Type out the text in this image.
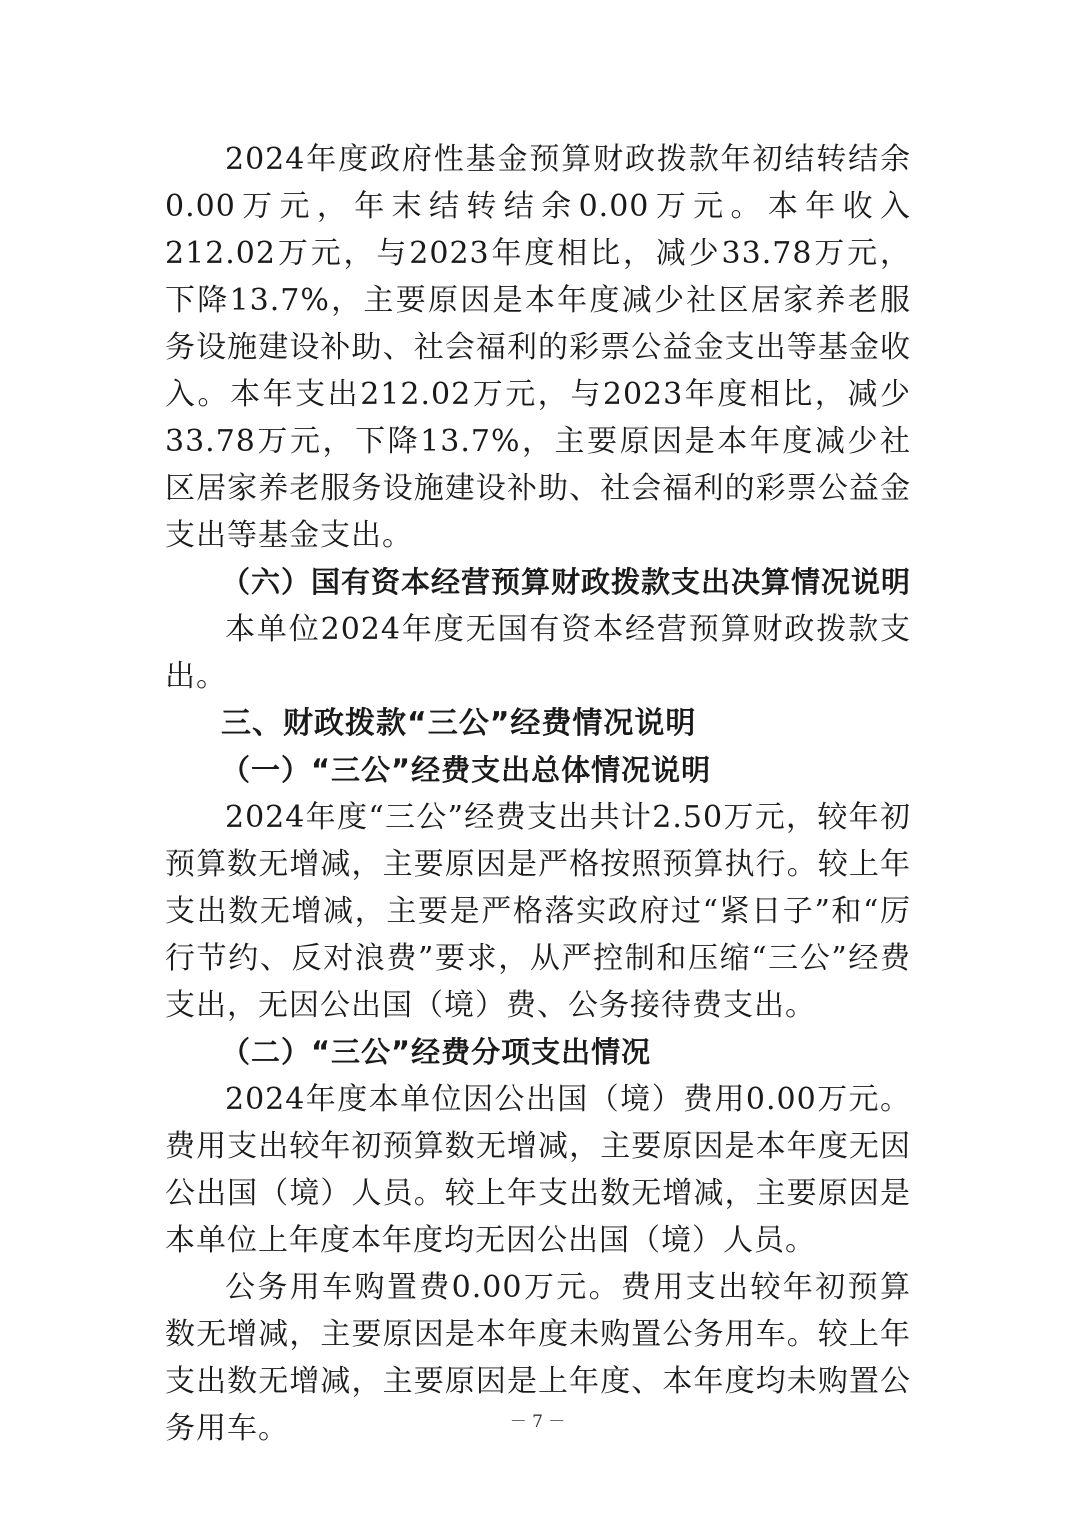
2024年度政府性基金预算财政拨款年初结转结余0.00万元，年末结转结余0.00万元。本年收入212.02万元，与2023年度相比，减少33.78万元，下降13.7%，主要原因是本年度减少社区居家养老服务设施建设补助、社会福利的彩票公益金支出等基金收入。本年支出212.02万元，与2023年度相比，减少33.78万元，下降13.7%，主要原因是本年度减少社区居家养老服务设施建设补助、社会福利的彩票公益金支出等基金支出。

（六）国有资本经营预算财政拨款支出决算情况说明

本单位2024年度无国有资本经营预算财政拨款支出。

三、财政拨款“三公”经费情况说明

（一）“三公”经费支出总体情况说明

2024年度“三公”经费支出共计2.50万元，较年初预算数无增减，主要原因是严格按照预算执行。较上年支出数无增减，主要是严格落实政府过“紧日子”和“厉行节约、反对浪费”要求，从严控制和压缩“三公”经费支出，无因公出国（境）费、公务接待费支出。

（二）“三公”经费分项支出情况

2024年度本单位因公出国（境）费用0.00万元。费用支出较年初预算数无增减，主要原因是本年度无因公出国（境）人员。较上年支出数无增减，主要原因是本单位上年度本年度均无因公出国（境）人员。

公务用车购置费0.00万元。费用支出较年初预算数无增减，主要原因是本年度未购置公务用车。较上年支出数无增减，主要原因是上年度、本年度均未购置公务用车。	－ 7 －
